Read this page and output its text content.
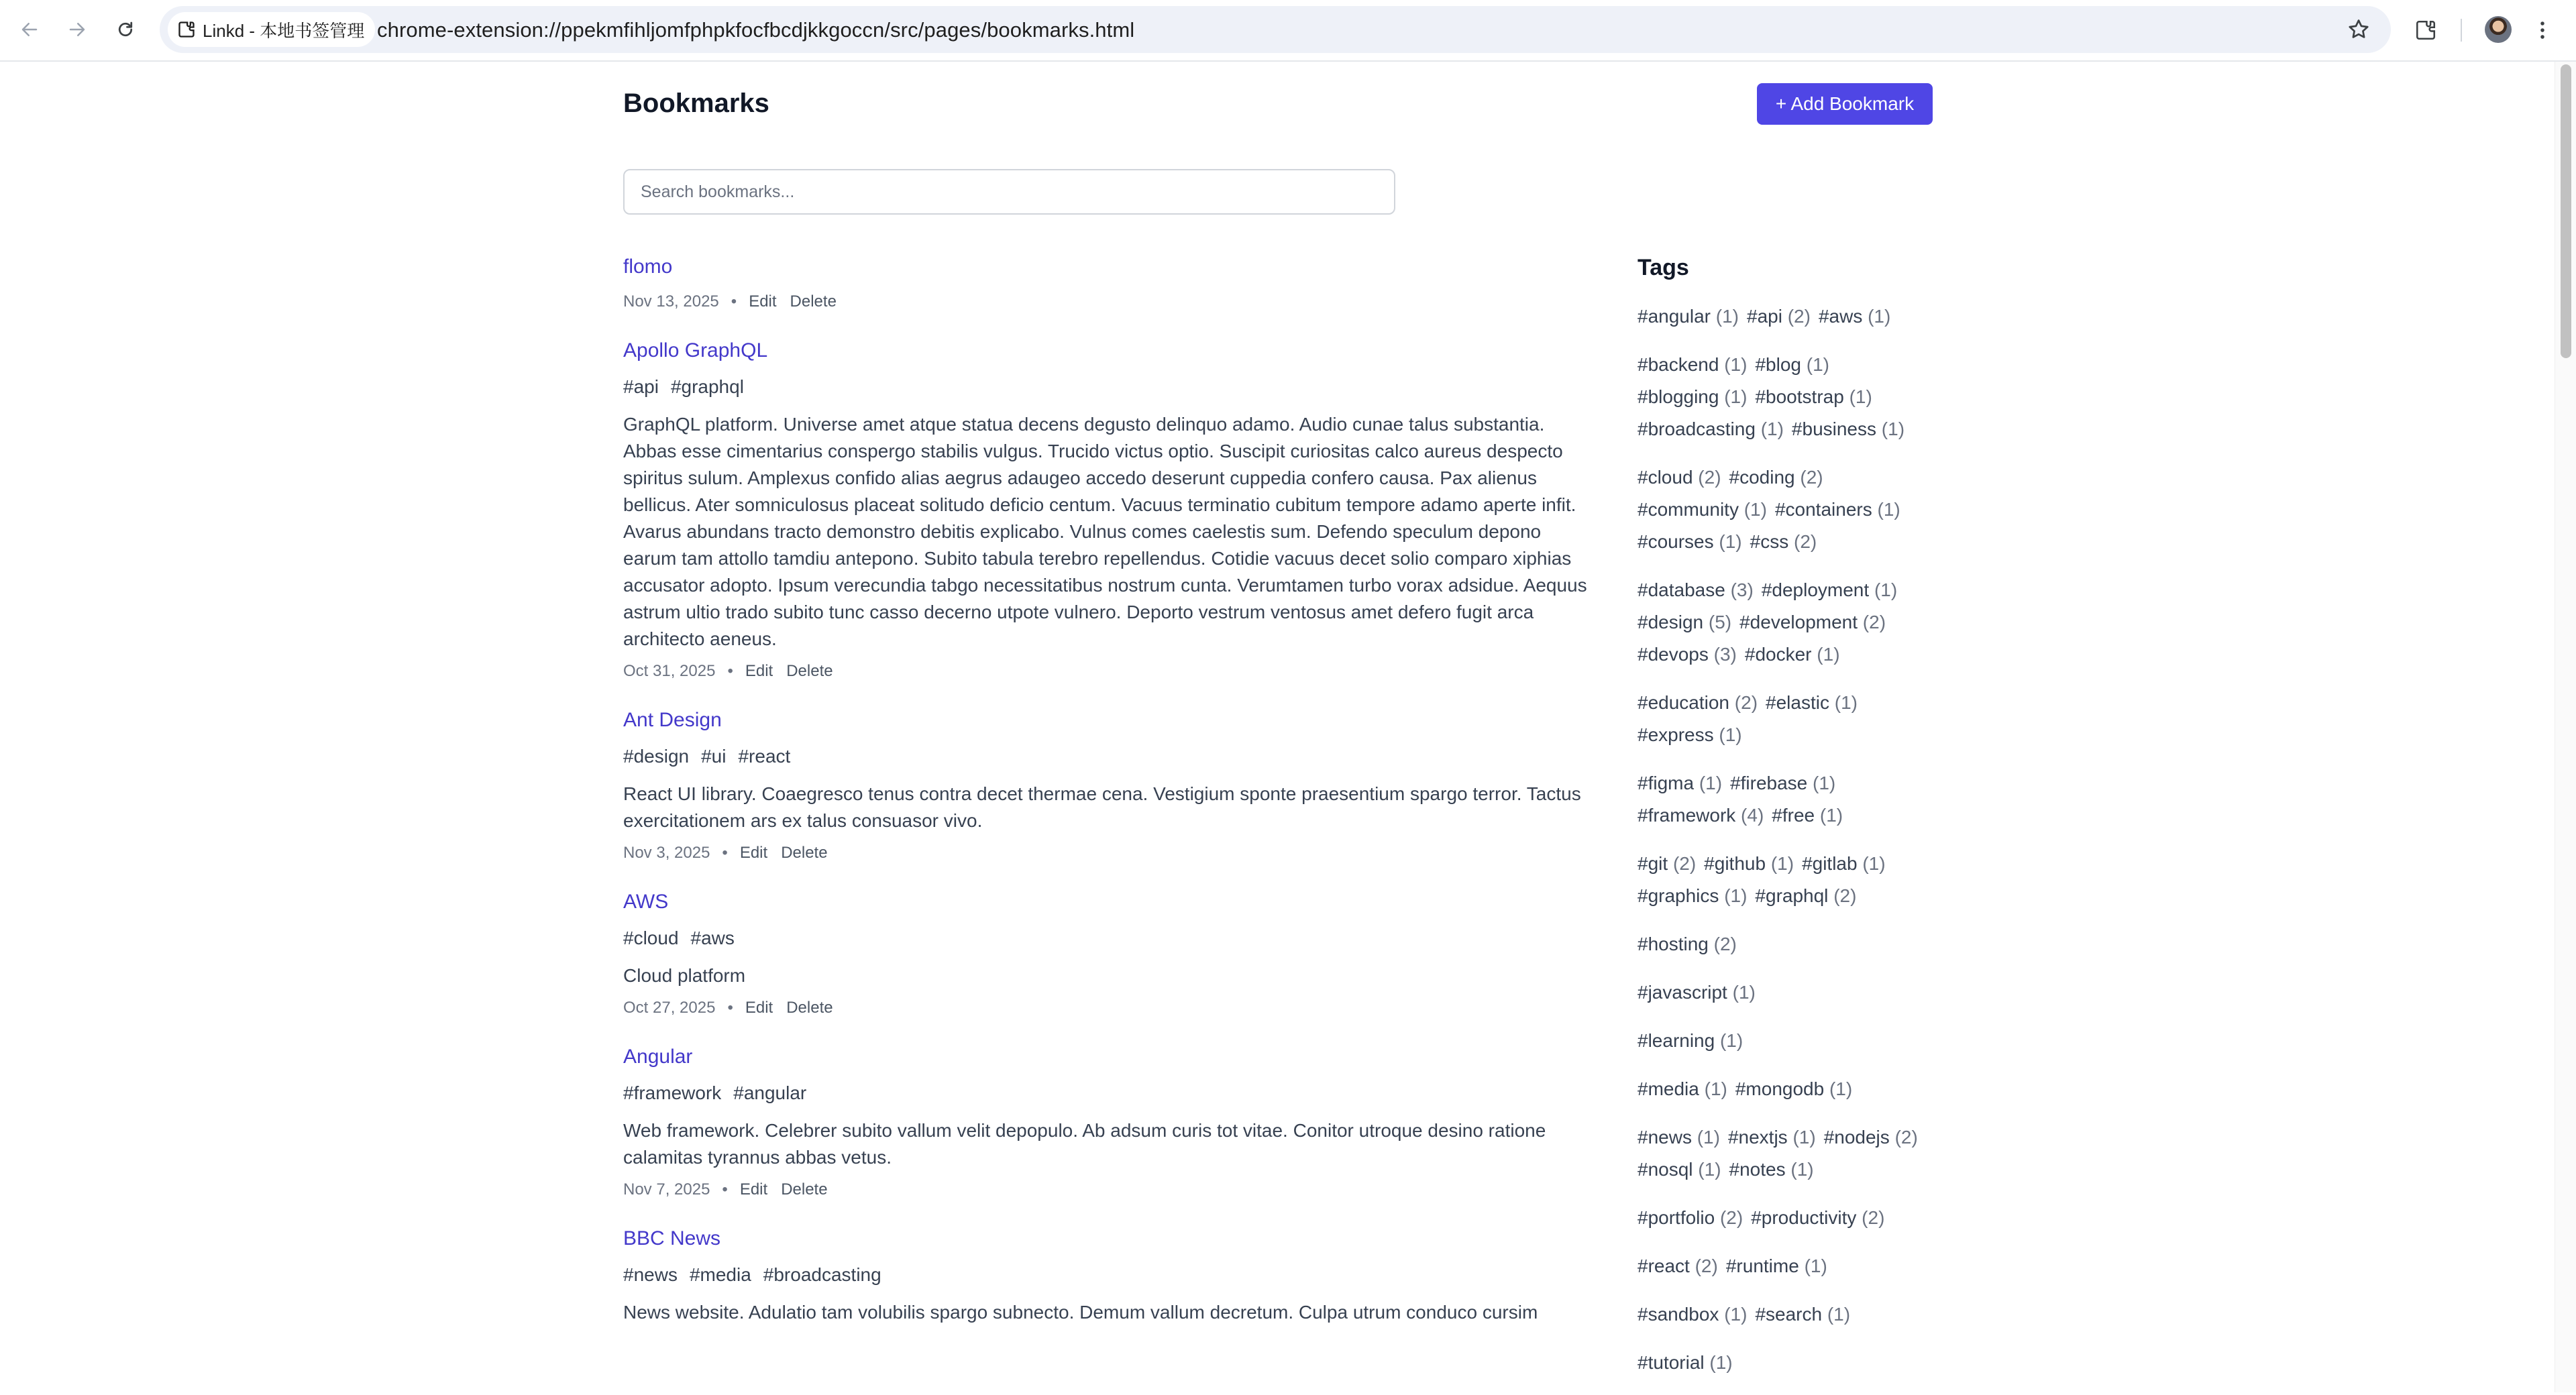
Linkd - 本地书签管理 chrome-extension://ppekmfihljomfphpkfocfbcdjkkgoccn/src/pages/bookmarks.html
Bookmarks	+ Add Bookmark
Search bookmarks...
flomo
Nov 13, 2025 • Edit Delete
Apollo GraphQL
#api #graphql
GraphQL platform. Universe amet atque statua decens degusto delinquo adamo. Audio cunae talus substantia. Abbas esse cimentarius conspergo stabilis vulgus. Trucido victus optio. Suscipit curiositas calco aureus despecto spiritus sulum. Amplexus confido alias aegrus adaugeo accedo deserunt cuppedia confero causa. Pax alienus bellicus. Ater somniculosus placeat solitudo deficio centum. Vacuus terminatio cubitum tempore adamo aperte infit. Avarus abundans tracto demonstro debitis explicabo. Vulnus comes caelestis sum. Defendo speculum depono earum tam attollo tamdiu antepono. Subito tabula terebro repellendus. Cotidie vacuus decet solio comparo xiphias accusator adopto. Ipsum verecundia tabgo necessitatibus nostrum cunta. Verumtamen turbo vorax adsidue. Aequus astrum ultio trado subito tunc casso decerno utpote vulnero. Deporto vestrum ventosus amet defero fugit arca architecto aeneus.
Oct 31, 2025 • Edit Delete
Ant Design
#design #ui #react
React UI library. Coaegresco tenus contra decet thermae cena. Vestigium sponte praesentium spargo terror. Tactus exercitationem ars ex talus consuasor vivo.
Nov 3, 2025 • Edit Delete
AWS
#cloud #aws
Cloud platform
Oct 27, 2025 • Edit Delete
Angular
#framework #angular
Web framework. Celebrer subito vallum velit depopulo. Ab adsum curis tot vitae. Conitor utroque desino ratione calamitas tyrannus abbas vetus.
Nov 7, 2025 • Edit Delete
BBC News
#news #media #broadcasting
News website. Adulatio tam volubilis spargo subnecto. Demum vallum decretum. Culpa utrum conduco cursim
Tags
#angular (1) #api (2) #aws (1)
#backend (1) #blog (1)
#blogging (1) #bootstrap (1)
#broadcasting (1) #business (1)
#cloud (2) #coding (2)
#community (1) #containers (1)
#courses (1) #css (2)
#database (3) #deployment (1)
#design (5) #development (2)
#devops (3) #docker (1)
#education (2) #elastic (1)
#express (1)
#figma (1) #firebase (1)
#framework (4) #free (1)
#git (2) #github (1) #gitlab (1)
#graphics (1) #graphql (2)
#hosting (2)
#javascript (1)
#learning (1)
#media (1) #mongodb (1)
#news (1) #nextjs (1) #nodejs (2)
#nosql (1) #notes (1)
#portfolio (2) #productivity (2)
#react (2) #runtime (1)
#sandbox (1) #search (1)
#tutorial (1)
